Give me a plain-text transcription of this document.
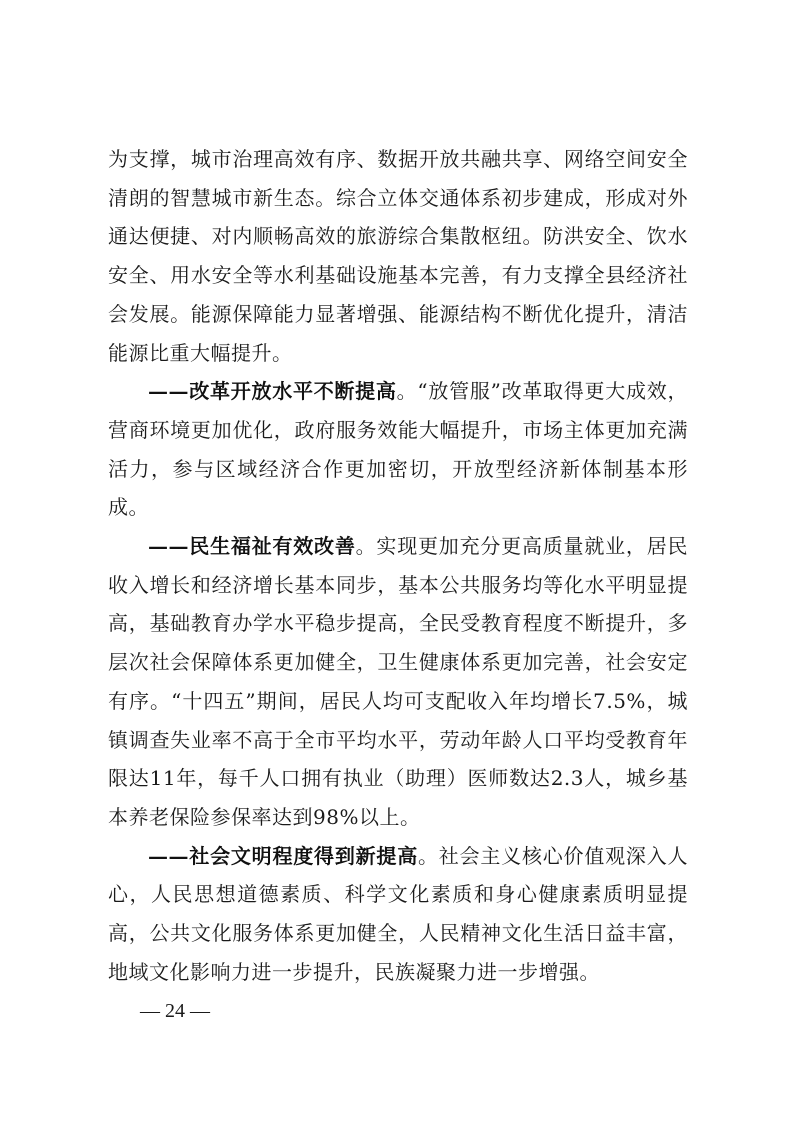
为支撑，城市治理高效有序、数据开放共融共享、网络空间安全清朗的智慧城市新生态。综合立体交通体系初步建成，形成对外通达便捷、对内顺畅高效的旅游综合集散枢纽。防洪安全、饮水安全、用水安全等水利基础设施基本完善，有力支撑全县经济社会发展。能源保障能力显著增强、能源结构不断优化提升，清洁能源比重大幅提升。

——改革开放水平不断提高。“放管服”改革取得更大成效，营商环境更加优化，政府服务效能大幅提升，市场主体更加充满活力，参与区域经济合作更加密切，开放型经济新体制基本形成。

——民生福祉有效改善。实现更加充分更高质量就业，居民收入增长和经济增长基本同步，基本公共服务均等化水平明显提高，基础教育办学水平稳步提高，全民受教育程度不断提升，多层次社会保障体系更加健全，卫生健康体系更加完善，社会安定有序。“十四五”期间，居民人均可支配收入年均增长7.5%，城镇调查失业率不高于全市平均水平，劳动年龄人口平均受教育年限达11年，每千人口拥有执业（助理）医师数达2.3人，城乡基本养老保险参保率达到98%以上。

——社会文明程度得到新提高。社会主义核心价值观深入人心，人民思想道德素质、科学文化素质和身心健康素质明显提高，公共文化服务体系更加健全，人民精神文化生活日益丰富，地域文化影响力进一步提升，民族凝聚力进一步增强。

— 24 —
